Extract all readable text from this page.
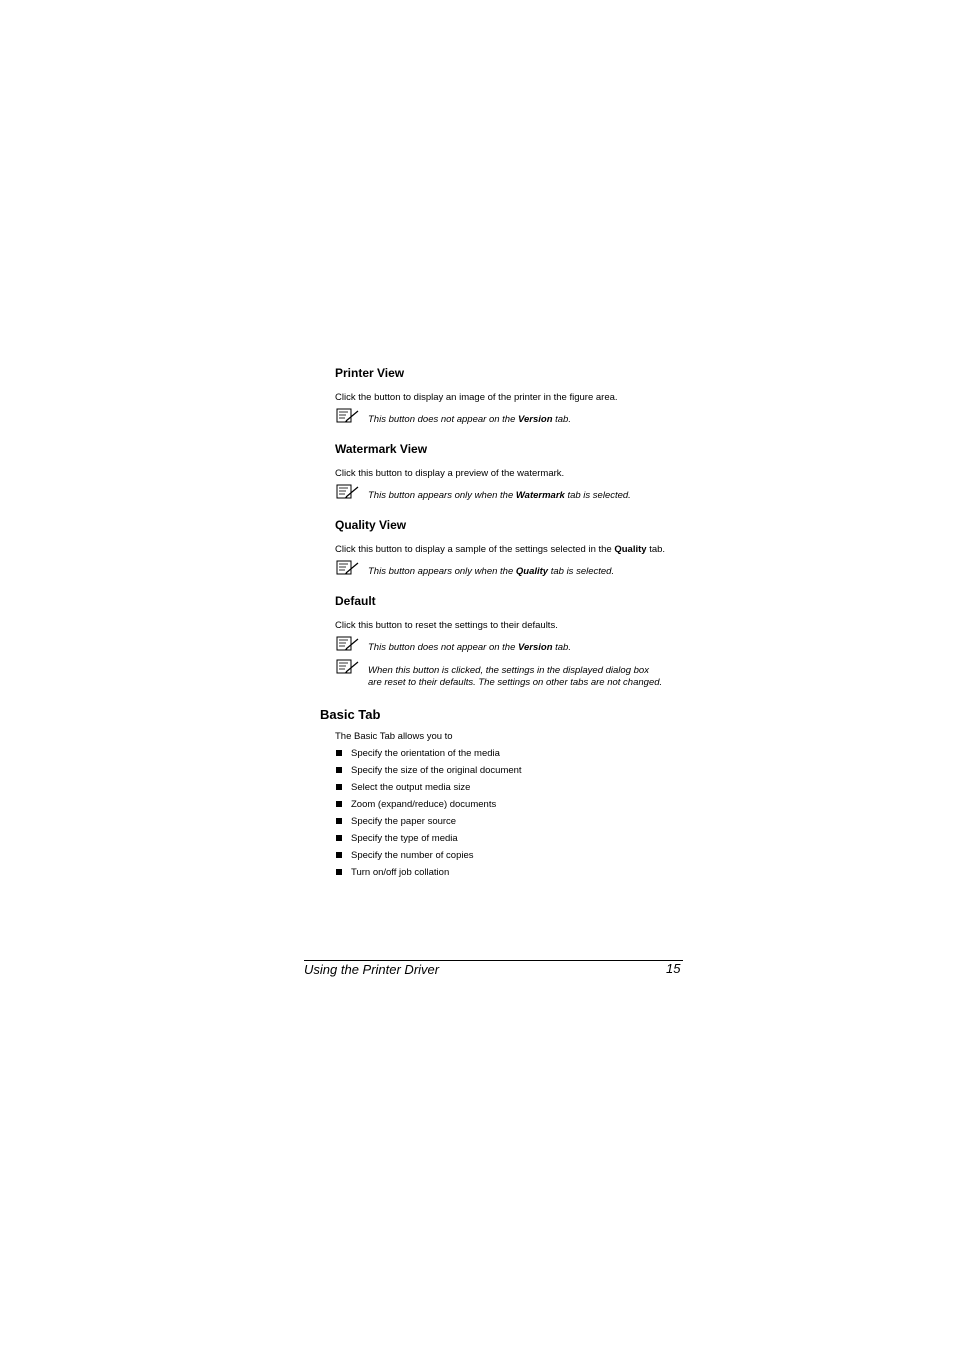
Printer View
Click the button to display an image of the printer in the figure area.
This button does not appear on the Version tab.
Watermark View
Click this button to display a preview of the watermark.
This button appears only when the Watermark tab is selected.
Quality View
Click this button to display a sample of the settings selected in the Quality tab.
This button appears only when the Quality tab is selected.
Default
Click this button to reset the settings to their defaults.
This button does not appear on the Version tab.
When this button is clicked, the settings in the displayed dialog box
are reset to their defaults. The settings on other tabs are not changed.
Basic Tab
The Basic Tab allows you to
Specify the orientation of the media
Specify the size of the original document
Select the output media size
Zoom (expand/reduce) documents
Specify the paper source
Specify the type of media
Specify the number of copies
Turn on/off job collation
Using the Printer Driver	15
